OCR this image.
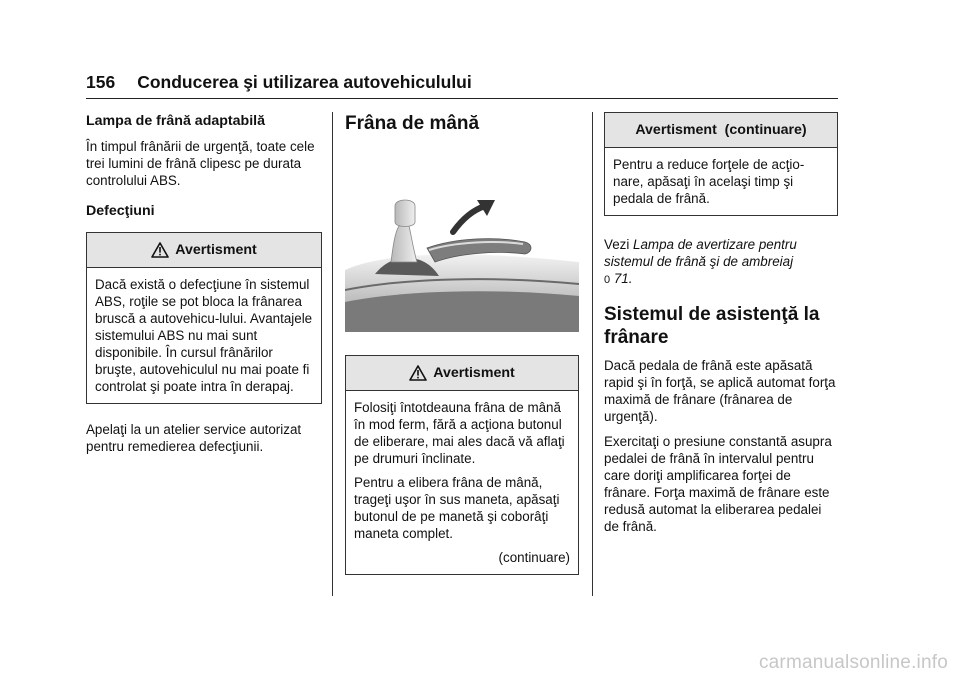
156 Conducerea şi utilizarea autovehiculului
Lampa de frână adaptabilă

În timpul frânării de urgenţă, toate cele trei lumini de frână clipesc pe durata controlului ABS.

Defecţiuni
Avertisment

Dacă există o defecţiune în sistemul ABS, roţile se pot bloca la frânarea bruscă a autovehicu-lului. Avantajele sistemului ABS nu mai sunt disponibile. În cursul frânărilor bruşte, autovehiculul nu mai poate fi controlat şi poate intra în derapaj.

Apelaţi la un atelier service autorizat pentru remedierea defecţiunii.

Frâna de mână
Avertisment

Folosiţi întotdeauna frâna de mână în mod ferm, fără a acţiona butonul de eliberare, mai ales dacă vă aflaţi pe drumuri înclinate.

Pentru a elibera frâna de mână, trageţi uşor în sus maneta, apăsaţi butonul de pe manetă şi coborâţi maneta complet.

(continuare)

Avertisment  (continuare)

Pentru a reduce forţele de acţio-nare, apăsaţi în acelaşi timp şi pedala de frână.

Vezi Lampa de avertizare pentru sistemul de frână şi de ambreiaj
0 71.

Sistemul de asistenţă la frânare

Dacă pedala de frână este apăsată rapid şi în forţă, se aplică automat forţa maximă de frânare (frânarea de urgenţă).

Exercitaţi o presiune constantă asupra pedalei de frână în intervalul pentru care doriţi amplificarea forţei de frânare. Forţa maximă de frânare este redusă automat la eliberarea pedalei de frână.

carmanualsonline.info
